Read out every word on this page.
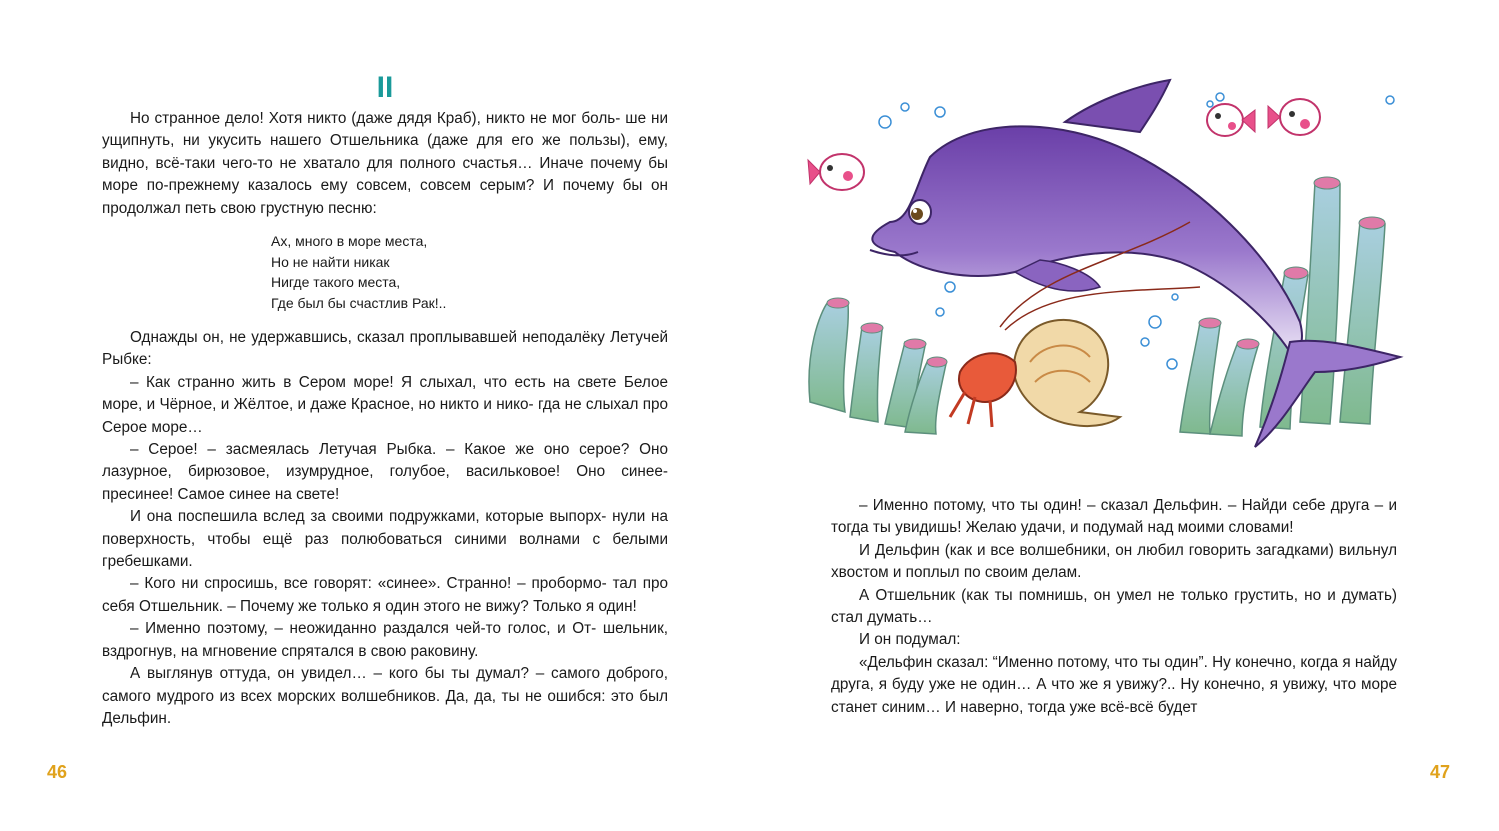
II

Но странное дело! Хотя никто (даже дядя Краб), никто не мог боль- ше ни ущипнуть, ни укусить нашего Отшельника (даже для его же пользы), ему, видно, всё-таки чего-то не хватало для полного счастья… Иначе почему бы море по-прежнему казалось ему совсем, совсем серым? И почему бы он продолжал петь свою грустную песню:

Ах, много в море места,
Но не найти никак
Нигде такого места,
Где был бы счастлив Рак!..

Однажды он, не удержавшись, сказал проплывавшей неподалёку Летучей Рыбке:

– Как странно жить в Сером море! Я слыхал, что есть на свете Белое море, и Чёрное, и Жёлтое, и даже Красное, но никто и нико- гда не слыхал про Серое море…

– Серое! – засмеялась Летучая Рыбка. – Какое же оно серое? Оно лазурное, бирюзовое, изумрудное, голубое, васильковое! Оно синее- пресинее! Самое синее на свете!

И она поспешила вслед за своими подружками, которые выпорх- нули на поверхность, чтобы ещё раз полюбоваться синими волнами с белыми гребешками.

– Кого ни спросишь, все говорят: «синее». Странно! – пробормо- тал про себя Отшельник. – Почему же только я один этого не вижу? Только я один!

– Именно поэтому, – неожиданно раздался чей-то голос, и От- шельник, вздрогнув, на мгновение спрятался в свою раковину.

А выглянув оттуда, он увидел… – кого бы ты думал? – самого доброго, самого мудрого из всех морских волшебников. Да, да, ты не ошибся: это был Дельфин.

46	47

– Именно потому, что ты один! – сказал Дельфин. – Найди себе друга – и тогда ты увидишь! Желаю удачи, и подумай над моими словами!

И Дельфин (как и все волшебники, он любил говорить загадками) вильнул хвостом и поплыл по своим делам.

А Отшельник (как ты помнишь, он умел не только грустить, но и думать) стал думать…

И он подумал:

«Дельфин сказал: “Именно потому, что ты один”. Ну конечно, когда я найду друга, я буду уже не один… А что же я увижу?.. Ну конечно, я увижу, что море станет синим… И наверно, тогда уже всё-всё будет
